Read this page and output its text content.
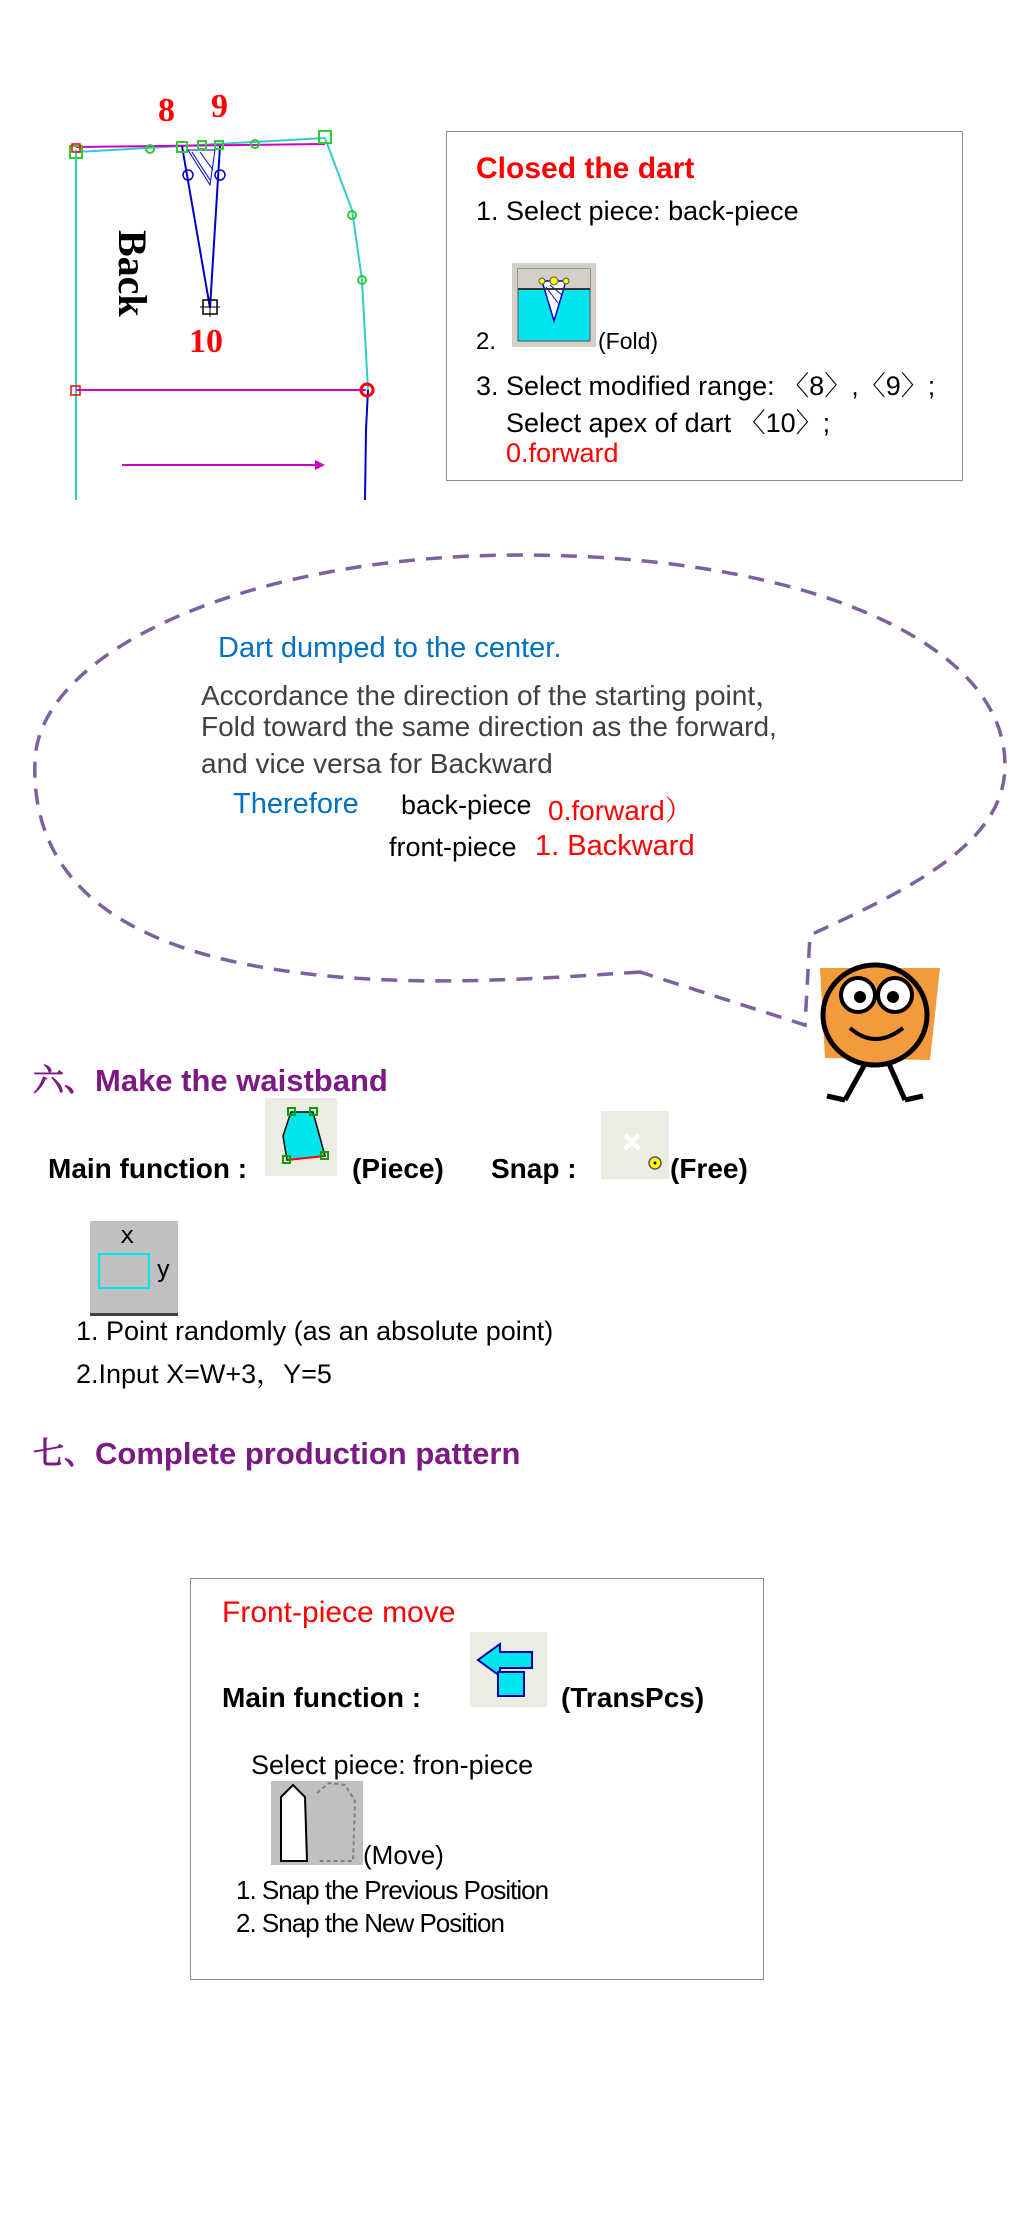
Back
8 9
10
Closed the dart
1. Select piece: back-piece
2.	(Fold)
3. Select modified range: 〈8〉,〈9〉;
Select apex of dart 〈10〉;
0.forward
Dart dumped to the center.
Accordance the direction of the starting point，
Fold toward the same direction as the forward,
and vice versa for Backward
Therefore back-piece 0.forward）
front-piece 1. Backward
六、Make the waistband
Main function :	(Piece) Snap :	(Free)
x
y
1. Point randomly (as an absolute point)
2.Input X=W+3，Y=5
七、Complete production pattern
Front-piece move
Main function :	(TransPcs)
Select piece: fron-piece
(Move)
1. Snap the Previous Position
2. Snap the New Position
